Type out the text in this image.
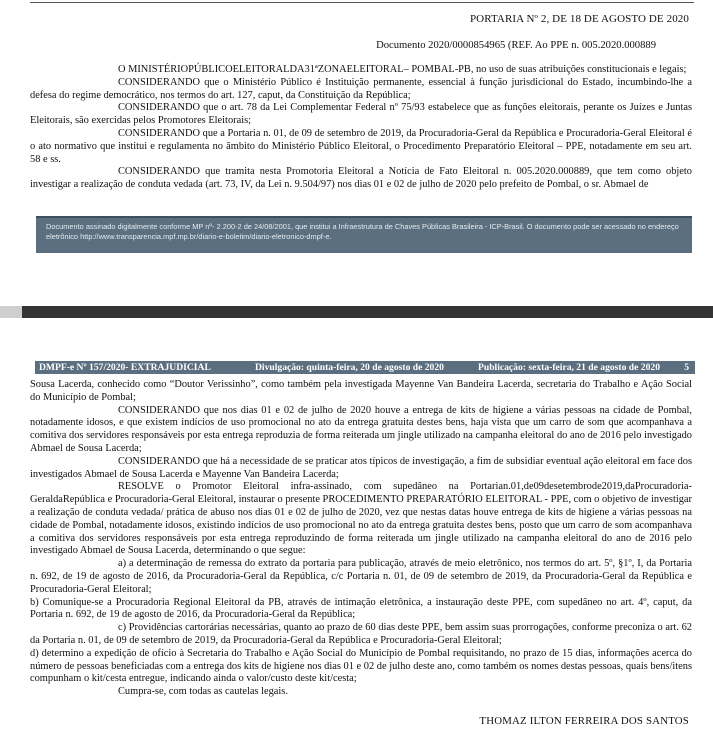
PORTARIA Nº 2, DE 18 DE AGOSTO DE 2020
Documento 2020/0000854965 (REF. Ao PPE n. 005.2020.000889

O MINISTÉRIOPÚBLICOELEITORALDA31ªZONAELEITORAL– POMBAL-PB, no uso de suas atribuições constitucionais e legais;

CONSIDERANDO que o Ministério Público é Instituição permanente, essencial à função jurisdicional do Estado, incumbindo-lhe a defesa do regime democrático, nos termos do art. 127, caput, da Constituição da República;

CONSIDERANDO que o art. 78 da Lei Complementar Federal nº 75/93 estabelece que as funções eleitorais, perante os Juízes e Juntas Eleitorais, são exercidas pelos Promotores Eleitorais;

CONSIDERANDO que a Portaria n. 01, de 09 de setembro de 2019, da Procuradoria-Geral da República e Procuradoria-Geral Eleitoral é o ato normativo que institui e regulamenta no âmbito do Ministério Público Eleitoral, o Procedimento Preparatório Eleitoral – PPE, notadamente em seu art. 58 e ss.

CONSIDERANDO que tramita nesta Promotoria Eleitoral a Notícia de Fato Eleitoral n. 005.2020.000889, que tem como objeto investigar a realização de conduta vedada (art. 73, IV, da Lei n. 9.504/97) nos dias 01 e 02 de julho de 2020 pelo prefeito de Pombal, o sr. Abmael de

Documento assinado digitalmente conforme MP nº- 2.200-2 de 24/08/2001, que institui a Infraestrutura de Chaves Públicas Brasileira - ICP-Brasil. O documento pode ser acessado no endereço eletrônico http://www.transparencia.mpf.mp.br/diario-e-boletim/diario-eletronico-dmpf-e.

DMPF-e Nº 157/2020- EXTRAJUDICIAL	Divulgação: quinta-feira, 20 de agosto de 2020	Publicação: sexta-feira, 21 de agosto de 2020	5

Sousa Lacerda, conhecido como “Doutor Verissinho”, como também pela investigada Mayenne Van Bandeira Lacerda, secretaria do Trabalho e Ação Social do Município de Pombal;

CONSIDERANDO que nos dias 01 e 02 de julho de 2020 houve a entrega de kits de higiene a várias pessoas na cidade de Pombal, notadamente idosos, e que existem indícios de uso promocional no ato da entrega gratuita destes bens, haja vista que um carro de som que acompanhava a comitiva dos servidores responsáveis por esta entrega reproduzia de forma reiterada um jingle utilizado na campanha eleitoral do ano de 2016 pelo investigado Abmael de Sousa Lacerda;

CONSIDERANDO que há a necessidade de se praticar atos típicos de investigação, a fim de subsidiar eventual ação eleitoral em face dos investigados Abmael de Sousa Lacerda e Mayenne Van Bandeira Lacerda;

RESOLVE o Promotor Eleitoral infra-assinado, com supedâneo na Portarian.01,de09desetembrode2019,daProcuradoria-GeraldaRepública e Procuradoria-Geral Eleitoral, instaurar o presente PROCEDIMENTO PREPARATÓRIO ELEITORAL - PPE, com o objetivo de investigar a realização de conduta vedada/ prática de abuso nos dias 01 e 02 de julho de 2020, vez que nestas datas houve entrega de kits de higiene a várias pessoas na cidade de Pombal, notadamente idosos, existindo indícios de uso promocional no ato da entrega gratuita destes bens, posto que um carro de som acompanhava a comitiva dos servidores responsáveis por esta entrega reproduzindo de forma reiterada um jingle utilizado na campanha eleitoral do ano de 2016 pelo investigado Abmael de Sousa Lacerda, determinando o que segue:

a) a determinação de remessa do extrato da portaria para publicação, através de meio eletrônico, nos termos do art. 5º, §1º, I, da Portaria n. 692, de 19 de agosto de 2016, da Procuradoria-Geral da República, c/c Portaria n. 01, de 09 de setembro de 2019, da Procuradoria-Geral da República e Procuradoria-Geral Eleitoral;

b) Comunique-se a Procuradoria Regional Eleitoral da PB, através de intimação eletrônica, a instauração deste PPE, com supedâneo no art. 4º, caput, da Portaria n. 692, de 19 de agosto de 2016, da Procuradoria-Geral da República;

c) Providências cartorárias necessárias, quanto ao prazo de 60 dias deste PPE, bem assim suas prorrogações, conforme preconiza o art. 62 da Portaria n. 01, de 09 de setembro de 2019, da Procuradoria-Geral da República e Procuradoria-Geral Eleitoral;

d) determino a expedição de ofício à Secretaria do Trabalho e Ação Social do Município de Pombal requisitando, no prazo de 15 dias, informações acerca do número de pessoas beneficiadas com a entrega dos kits de higiene nos dias 01 e 02 de julho deste ano, como também os nomes destas pessoas, quais bens/itens compunham o kit/cesta entregue, indicando ainda o valor/custo deste kit/cesta;

Cumpra-se, com todas as cautelas legais.

THOMAZ ILTON FERREIRA DOS SANTOS
